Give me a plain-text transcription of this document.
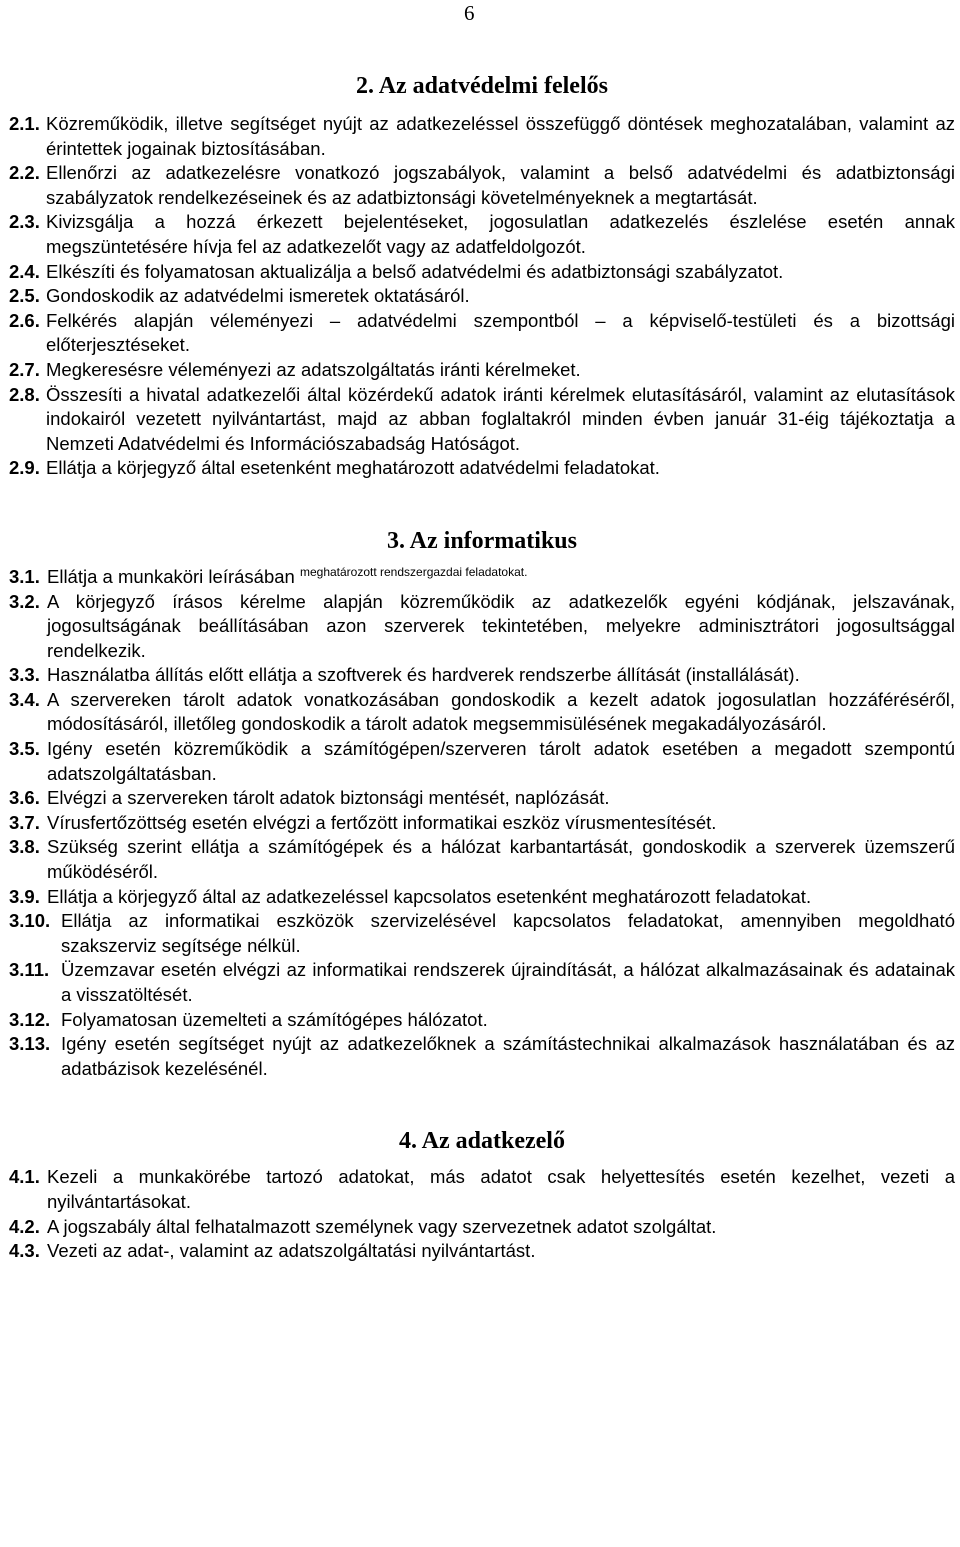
6
2. Az adatvédelmi felelős
2.1. Közreműködik, illetve segítséget nyújt az adatkezeléssel összefüggő döntések meghozatalában, valamint az érintettek jogainak biztosításában.
2.2. Ellenőrzi az adatkezelésre vonatkozó jogszabályok, valamint a belső adatvédelmi és adatbiztonsági szabályzatok rendelkezéseinek és az adatbiztonsági követelményeknek a megtartását.
2.3. Kivizsgálja a hozzá érkezett bejelentéseket, jogosulatlan adatkezelés észlelése esetén annak megszüntetésére hívja fel az adatkezelőt vagy az adatfeldolgozót.
2.4. Elkészíti és folyamatosan aktualizálja a belső adatvédelmi és adatbiztonsági szabályzatot.
2.5. Gondoskodik az adatvédelmi ismeretek oktatásáról.
2.6. Felkérés alapján véleményezi – adatvédelmi szempontból – a képviselő-testületi és a bizottsági előterjesztéseket.
2.7. Megkeresésre véleményezi az adatszolgáltatás iránti kérelmeket.
2.8. Összesíti a hivatal adatkezelői által közérdekű adatok iránti kérelmek elutasításáról, valamint az elutasítások indokairól vezetett nyilvántartást, majd az abban foglaltakról minden évben január 31-éig tájékoztatja a Nemzeti Adatvédelmi és Információszabadság Hatóságot.
2.9. Ellátja a körjegyző által esetenként meghatározott adatvédelmi feladatokat.
3. Az informatikus
3.1. Ellátja a munkaköri leírásában $^{meghatározott rendszergazdai feladatokat.}$
3.2. A körjegyző írásos kérelme alapján közreműködik az adatkezelők egyéni kódjának, jelszavának, jogosultságának beállításában azon szerverek tekintetében, melyekre adminisztrátori jogosultsággal rendelkezik.
3.3. Használatba állítás előtt ellátja a szoftverek és hardverek rendszerbe állítását (installálását).
3.4. A szervereken tárolt adatok vonatkozásában gondoskodik a kezelt adatok jogosulatlan hozzáféréséről, módosításáról, illetőleg gondoskodik a tárolt adatok megsemmisülésének megakadályozásáról.
3.5. Igény esetén közreműködik a számítógépen/szerveren tárolt adatok esetében a megadott szempontú adatszolgáltatásban.
3.6. Elvégzi a szervereken tárolt adatok biztonsági mentését, naplózását.
3.7. Vírusfertőzöttség esetén elvégzi a fertőzött informatikai eszköz vírusmentesítését.
3.8. Szükség szerint ellátja a számítógépek és a hálózat karbantartását, gondoskodik a szerverek üzemszerű működéséről.
3.9. Ellátja a körjegyző által az adatkezeléssel kapcsolatos esetenként meghatározott feladatokat.
3.10. Ellátja az informatikai eszközök szervizelésével kapcsolatos feladatokat, amennyiben megoldható szakszerviz segítsége nélkül.
3.11. Üzemzavar esetén elvégzi az informatikai rendszerek újraindítását, a hálózat alkalmazásainak és adatainak a visszatöltését.
3.12. Folyamatosan üzemelteti a számítógépes hálózatot.
3.13. Igény esetén segítséget nyújt az adatkezelőknek a számítástechnikai alkalmazások használatában és az adatbázisok kezelésénél.
4. Az adatkezelő
4.1. Kezeli a munkakörébe tartozó adatokat, más adatot csak helyettesítés esetén kezelhet, vezeti a nyilvántartásokat.
4.2. A jogszabály által felhatalmazott személynek vagy szervezetnek adatot szolgáltat.
4.3. Vezeti az adat-, valamint az adatszolgáltatási nyilvántartást.
